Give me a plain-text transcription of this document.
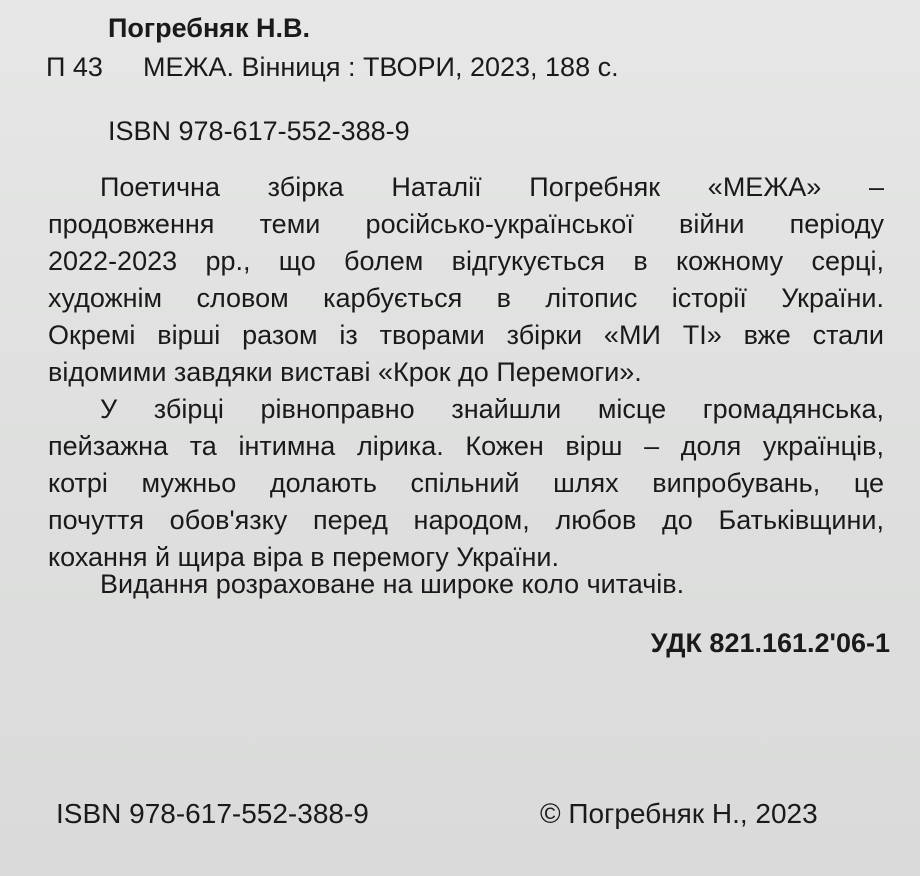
Погребняк Н.В.
П 43 МЕЖА. Вінниця : ТВОРИ, 2023, 188 с.
ISBN 978-617-552-388-9
Поетична збірка Наталії Погребняк «МЕЖА» –
продовження теми російсько-української війни періоду
2022-2023 рр., що болем відгукується в кожному серці,
художнім словом карбується в літопис історії України.
Окремі вірші разом із творами збірки «МИ ТІ» вже стали
відомими завдяки виставі «Крок до Перемоги».
У збірці рівноправно знайшли місце громадянська,
пейзажна та інтимна лірика. Кожен вірш – доля українців,
котрі мужньо долають спільний шлях випробувань, це
почуття обов'язку перед народом, любов до Батьківщини,
кохання й щира віра в перемогу України.
Видання розраховане на широке коло читачів.
УДК 821.161.2'06-1
ISBN 978-617-552-388-9	© Погребняк Н., 2023
